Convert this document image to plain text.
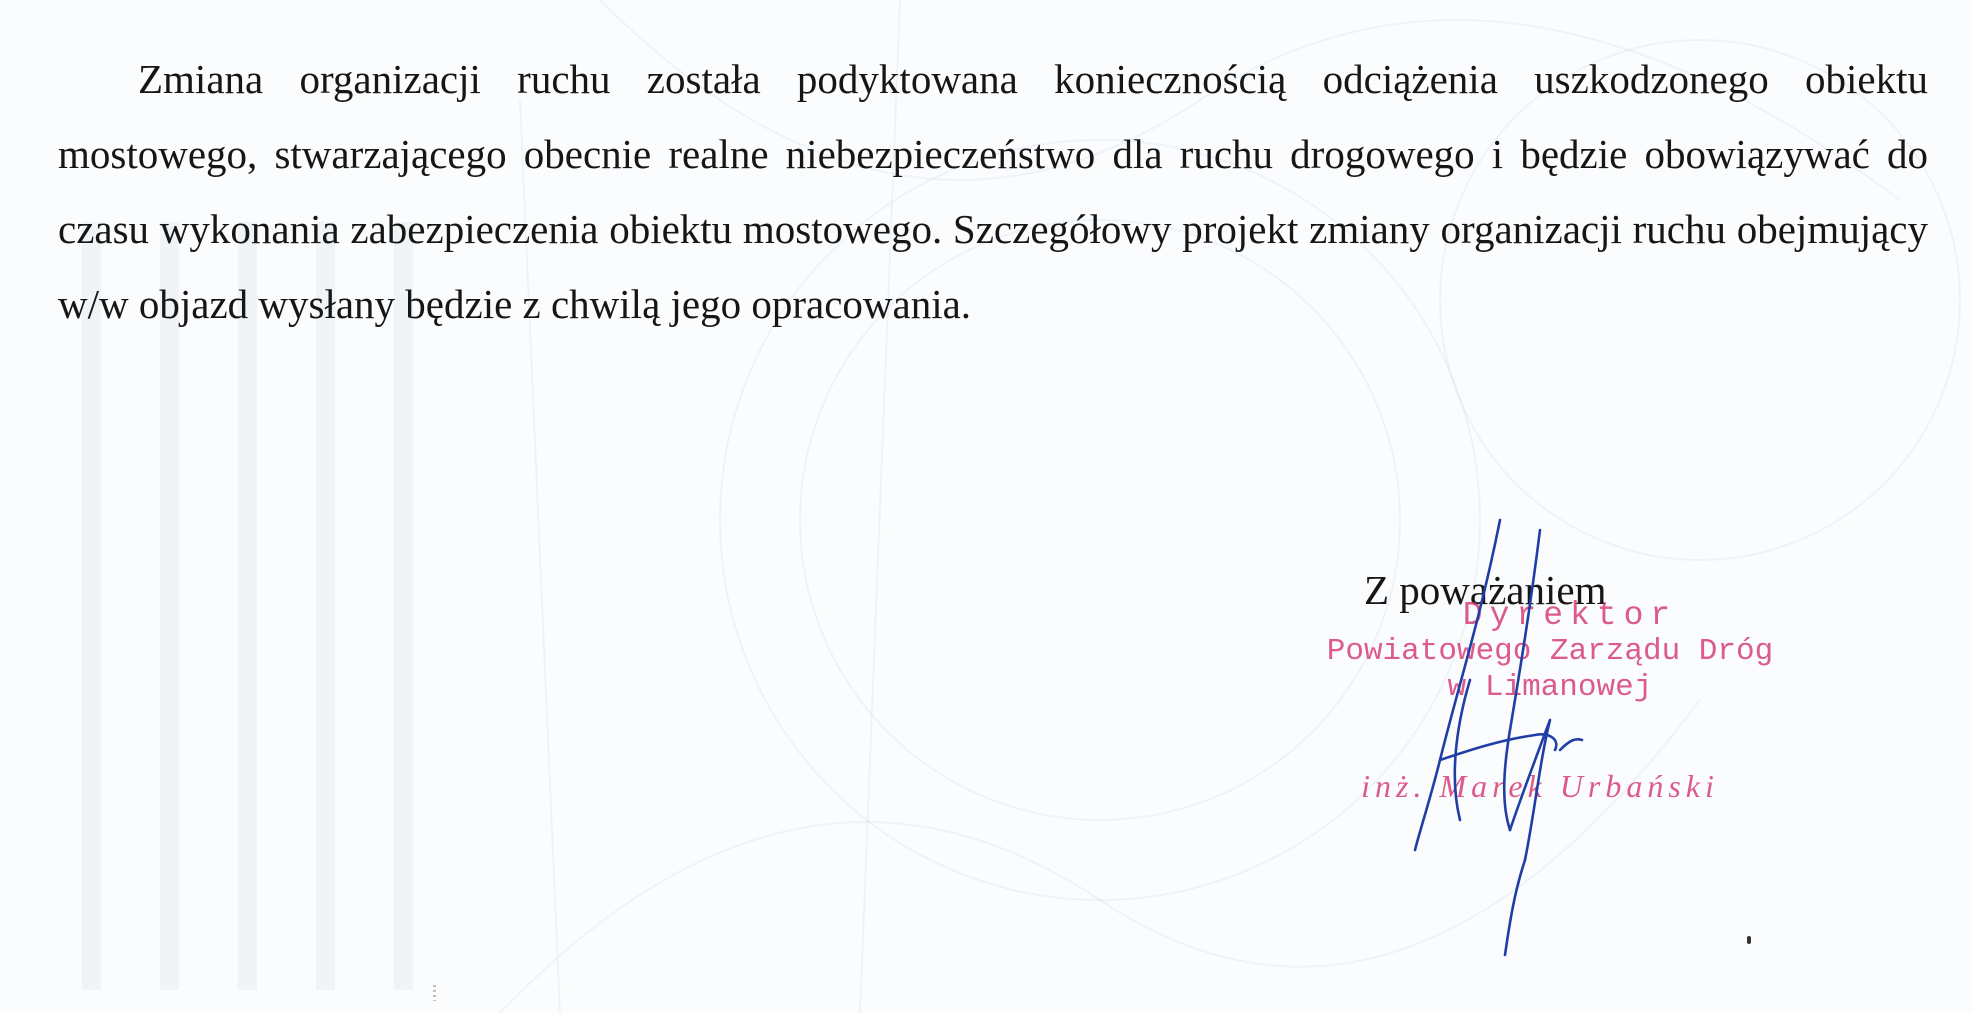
▬▬▬▬▬▬▬▬▬▬▬▬
▬▬▬▬▬▬▬▬▬▬▬▬
▬▬▬▬▬▬▬▬▬▬▬▬
▬▬▬▬▬▬▬▬▬▬▬▬
▬▬▬▬▬▬▬▬▬▬▬▬

Zmiana organizacji ruchu została podyktowana koniecznością odciążenia uszkodzonego obiektu mostowego, stwarzającego obecnie realne niebezpieczeństwo dla ruchu drogowego i będzie obowiązywać do czasu wykonania zabezpieczenia obiektu mostowego. Szczegółowy projekt zmiany organizacji ruchu obejmujący w/w objazd wysłany będzie z chwilą jego opracowania.

Z poważaniem
Dyrektor
Powiatowego Zarządu Dróg
w Limanowej
inż. Marek Urbański
